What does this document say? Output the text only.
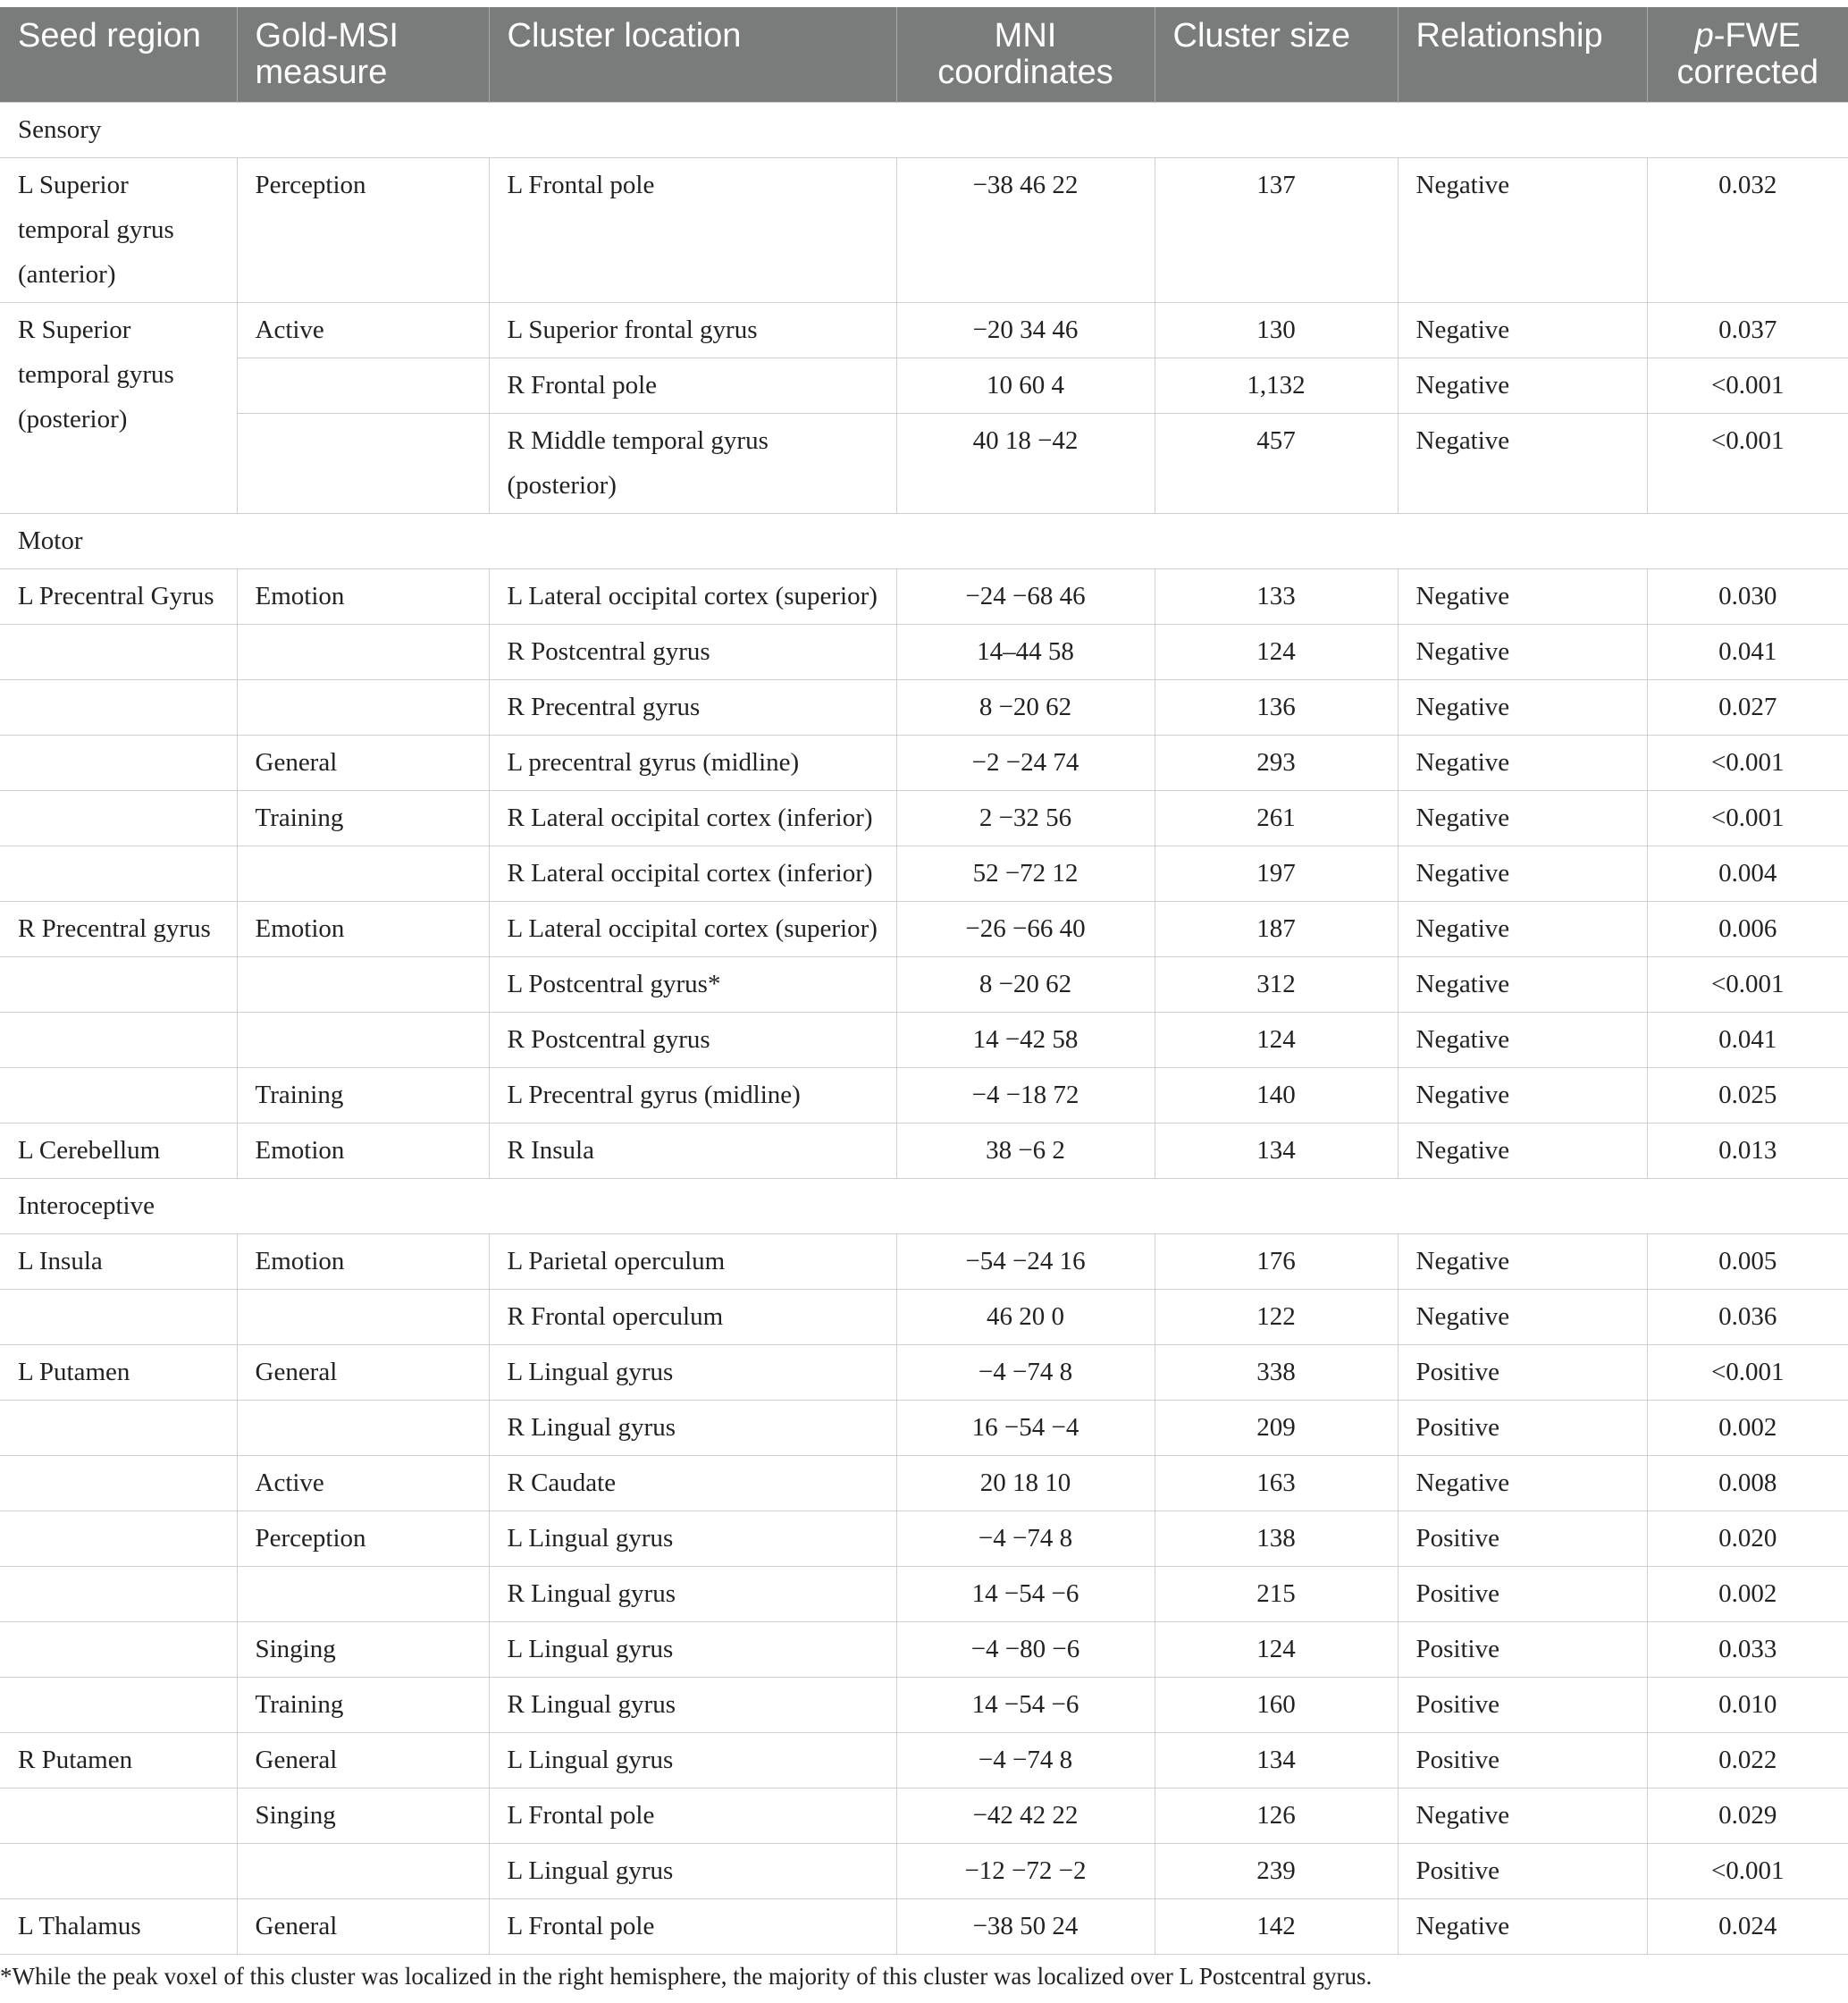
Seed region	Gold-MSI measure	Cluster location	MNI coordinates	Cluster size	Relationship	p-FWE corrected
Sensory						
L Superior temporal gyrus (anterior)	Perception	L Frontal pole	−38 46 22	137	Negative	0.032
R Superior temporal gyrus (posterior)	Active	L Superior frontal gyrus	−20 34 46	130	Negative	0.037
		R Frontal pole	10 60 4	1,132	Negative	<0.001
		R Middle temporal gyrus (posterior)	40 18 −42	457	Negative	<0.001
Motor						
L Precentral Gyrus	Emotion	L Lateral occipital cortex (superior)	−24 −68 46	133	Negative	0.030
		R Postcentral gyrus	14–44 58	124	Negative	0.041
		R Precentral gyrus	8 −20 62	136	Negative	0.027
	General	L precentral gyrus (midline)	−2 −24 74	293	Negative	<0.001
	Training	R Lateral occipital cortex (inferior)	2 −32 56	261	Negative	<0.001
		R Lateral occipital cortex (inferior)	52 −72 12	197	Negative	0.004
R Precentral gyrus	Emotion	L Lateral occipital cortex (superior)	−26 −66 40	187	Negative	0.006
		L Postcentral gyrus*	8 −20 62	312	Negative	<0.001
		R Postcentral gyrus	14 −42 58	124	Negative	0.041
	Training	L Precentral gyrus (midline)	−4 −18 72	140	Negative	0.025
L Cerebellum	Emotion	R Insula	38 −6 2	134	Negative	0.013
Interoceptive						
L Insula	Emotion	L Parietal operculum	−54 −24 16	176	Negative	0.005
		R Frontal operculum	46 20 0	122	Negative	0.036
L Putamen	General	L Lingual gyrus	−4 −74 8	338	Positive	<0.001
		R Lingual gyrus	16 −54 −4	209	Positive	0.002
	Active	R Caudate	20 18 10	163	Negative	0.008
	Perception	L Lingual gyrus	−4 −74 8	138	Positive	0.020
		R Lingual gyrus	14 −54 −6	215	Positive	0.002
	Singing	L Lingual gyrus	−4 −80 −6	124	Positive	0.033
	Training	R Lingual gyrus	14 −54 −6	160	Positive	0.010
R Putamen	General	L Lingual gyrus	−4 −74 8	134	Positive	0.022
	Singing	L Frontal pole	−42 42 22	126	Negative	0.029
		L Lingual gyrus	−12 −72 −2	239	Positive	<0.001
L Thalamus	General	L Frontal pole	−38 50 24	142	Negative	0.024
*While the peak voxel of this cluster was localized in the right hemisphere, the majority of this cluster was localized over L Postcentral gyrus.
